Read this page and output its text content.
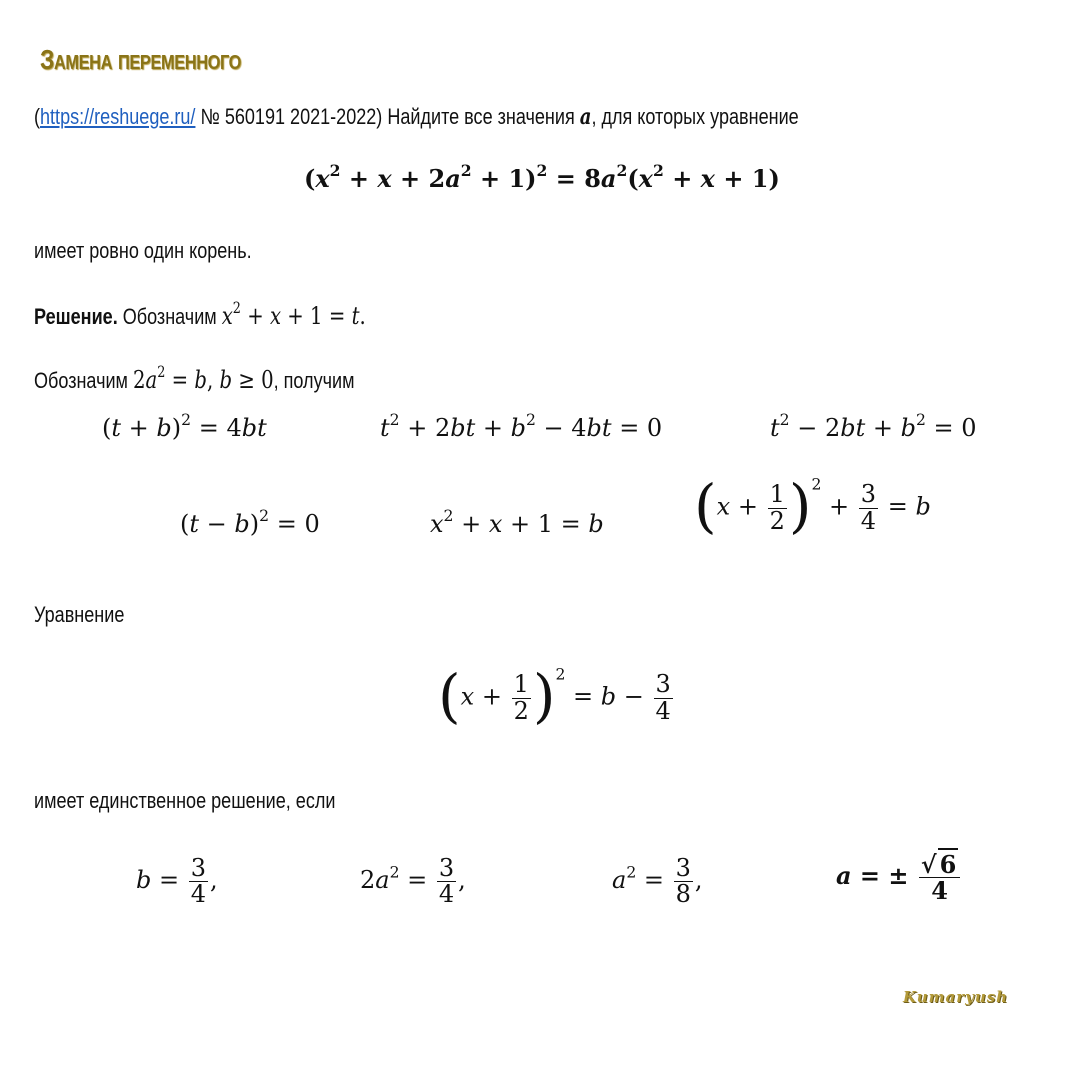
Замена переменного
(https://reshuege.ru/ № 560191 2021-2022) Найдите все значения a, для которых уравнение
$(x^2 + x + 2a^2 + 1)^2 = 8a^2(x^2 + x + 1)$
имеет ровно один корень.
Решение. Обозначим $x^2 + x + 1 = t$.
Обозначим $2a^2 = b$, b ≥ 0, получим
$(t + b)^2 = 4bt$	$t^2 + 2bt + b^2 - 4bt = 0$	$t^2 - 2bt + b^2 = 0$
$(t - b)^2 = 0$	$x^2 + x + 1 = b$ $(x + \frac{1}{2} )^2 + \frac{3}{4} = b$
Уравнение
$(x + \frac{1}{2} )^2 = b - \frac{3}{4}$
имеет единственное решение, если
$b = \frac{3}{4}$ ,	$2a^2 = \frac{3}{4}$ ,	$a^2 = \frac{3}{8}$ ,	a = ± $\frac{√ 6}{4}$
Kumaryush
